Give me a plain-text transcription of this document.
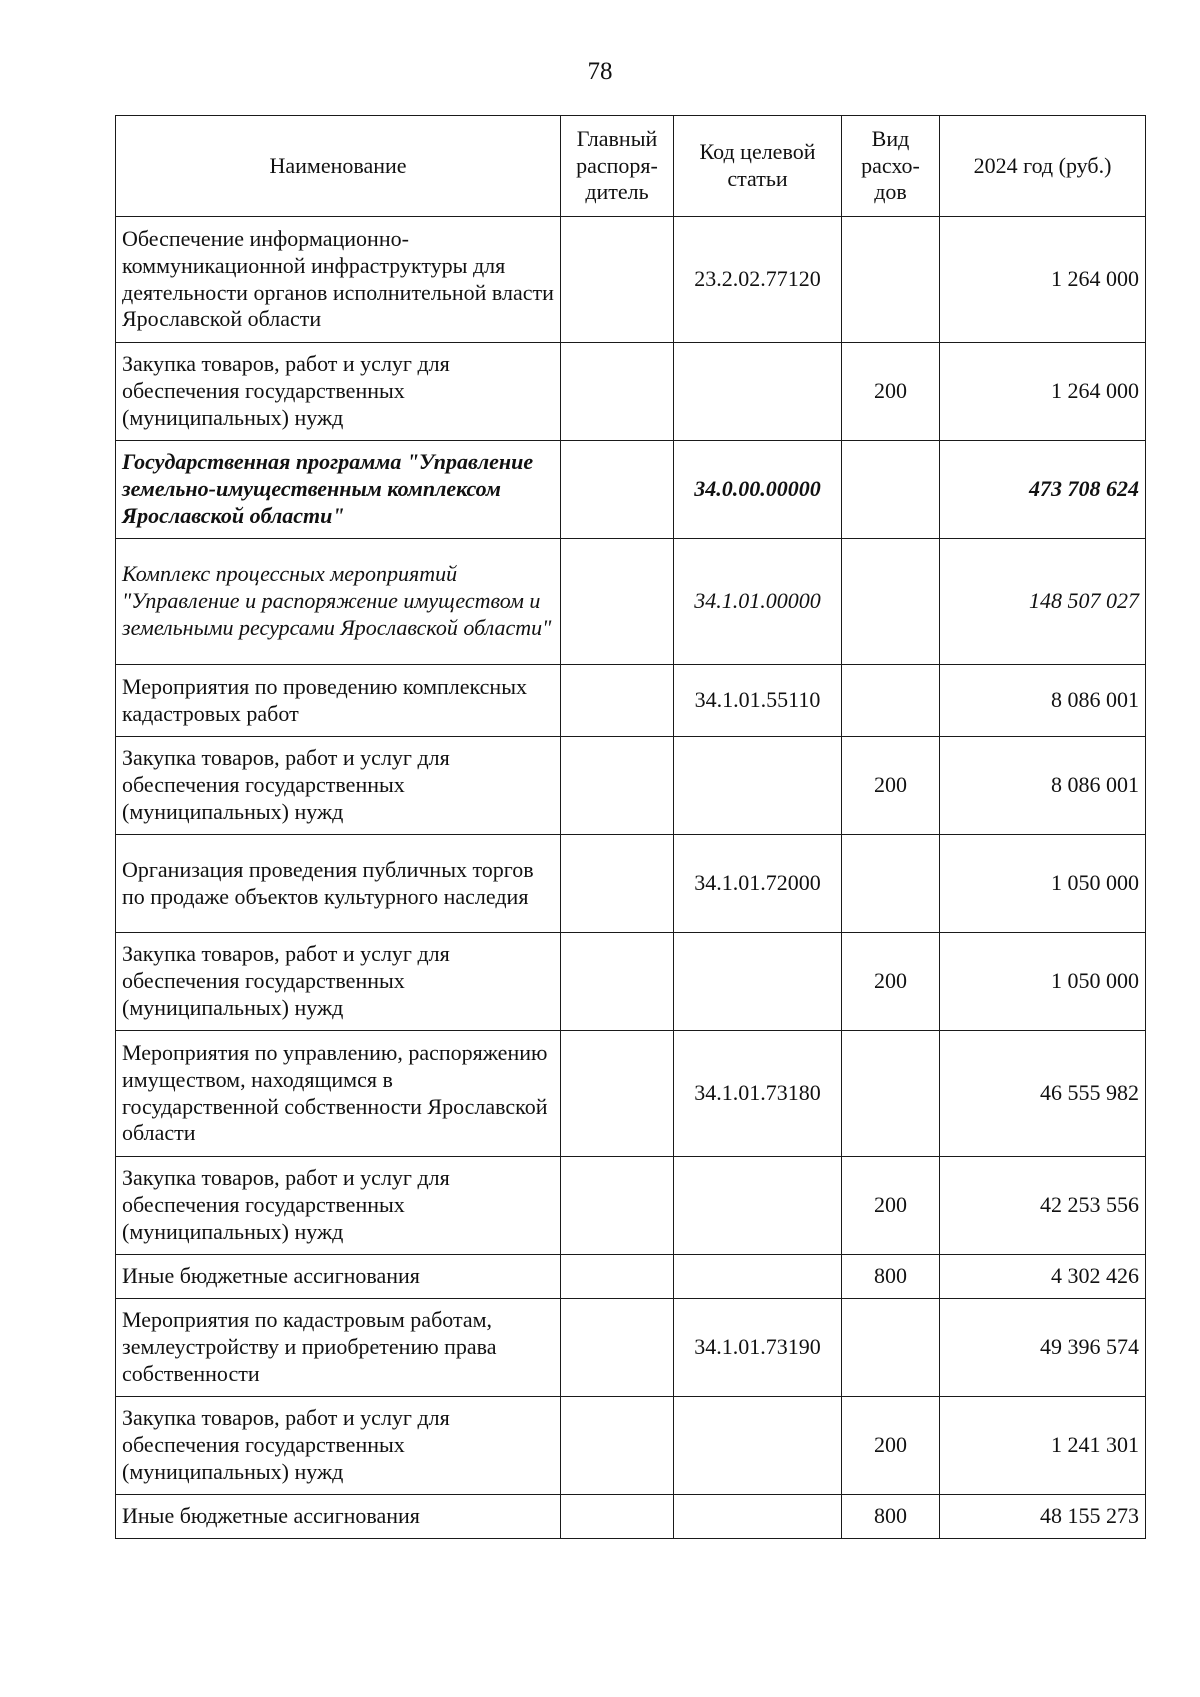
78
Наименование	Главный распоря-дитель	Код целевой статьи	Вид расхо-дов	2024 год (руб.)
Обеспечение информационно-коммуникационной инфраструктуры для деятельности органов исполнительной власти Ярославской области		23.2.02.77120		1 264 000
Закупка товаров, работ и услуг для обеспечения государственных (муниципальных) нужд			200	1 264 000
Государственная программа "Управление земельно-имущественным комплексом Ярославской области"		34.0.00.00000		473 708 624
Комплекс процессных мероприятий "Управление и распоряжение имуществом и земельными ресурсами Ярославской области"		34.1.01.00000		148 507 027
Мероприятия по проведению комплексных кадастровых работ		34.1.01.55110		8 086 001
Закупка товаров, работ и услуг для обеспечения государственных (муниципальных) нужд			200	8 086 001
Организация проведения публичных торгов по продаже объектов культурного наследия		34.1.01.72000		1 050 000
Закупка товаров, работ и услуг для обеспечения государственных (муниципальных) нужд			200	1 050 000
Мероприятия по управлению, распоряжению имуществом, находящимся в государственной собственности Ярославской области		34.1.01.73180		46 555 982
Закупка товаров, работ и услуг для обеспечения государственных (муниципальных) нужд			200	42 253 556
Иные бюджетные ассигнования			800	4 302 426
Мероприятия по кадастровым работам, землеустройству и приобретению права собственности		34.1.01.73190		49 396 574
Закупка товаров, работ и услуг для обеспечения государственных (муниципальных) нужд			200	1 241 301
Иные бюджетные ассигнования			800	48 155 273
